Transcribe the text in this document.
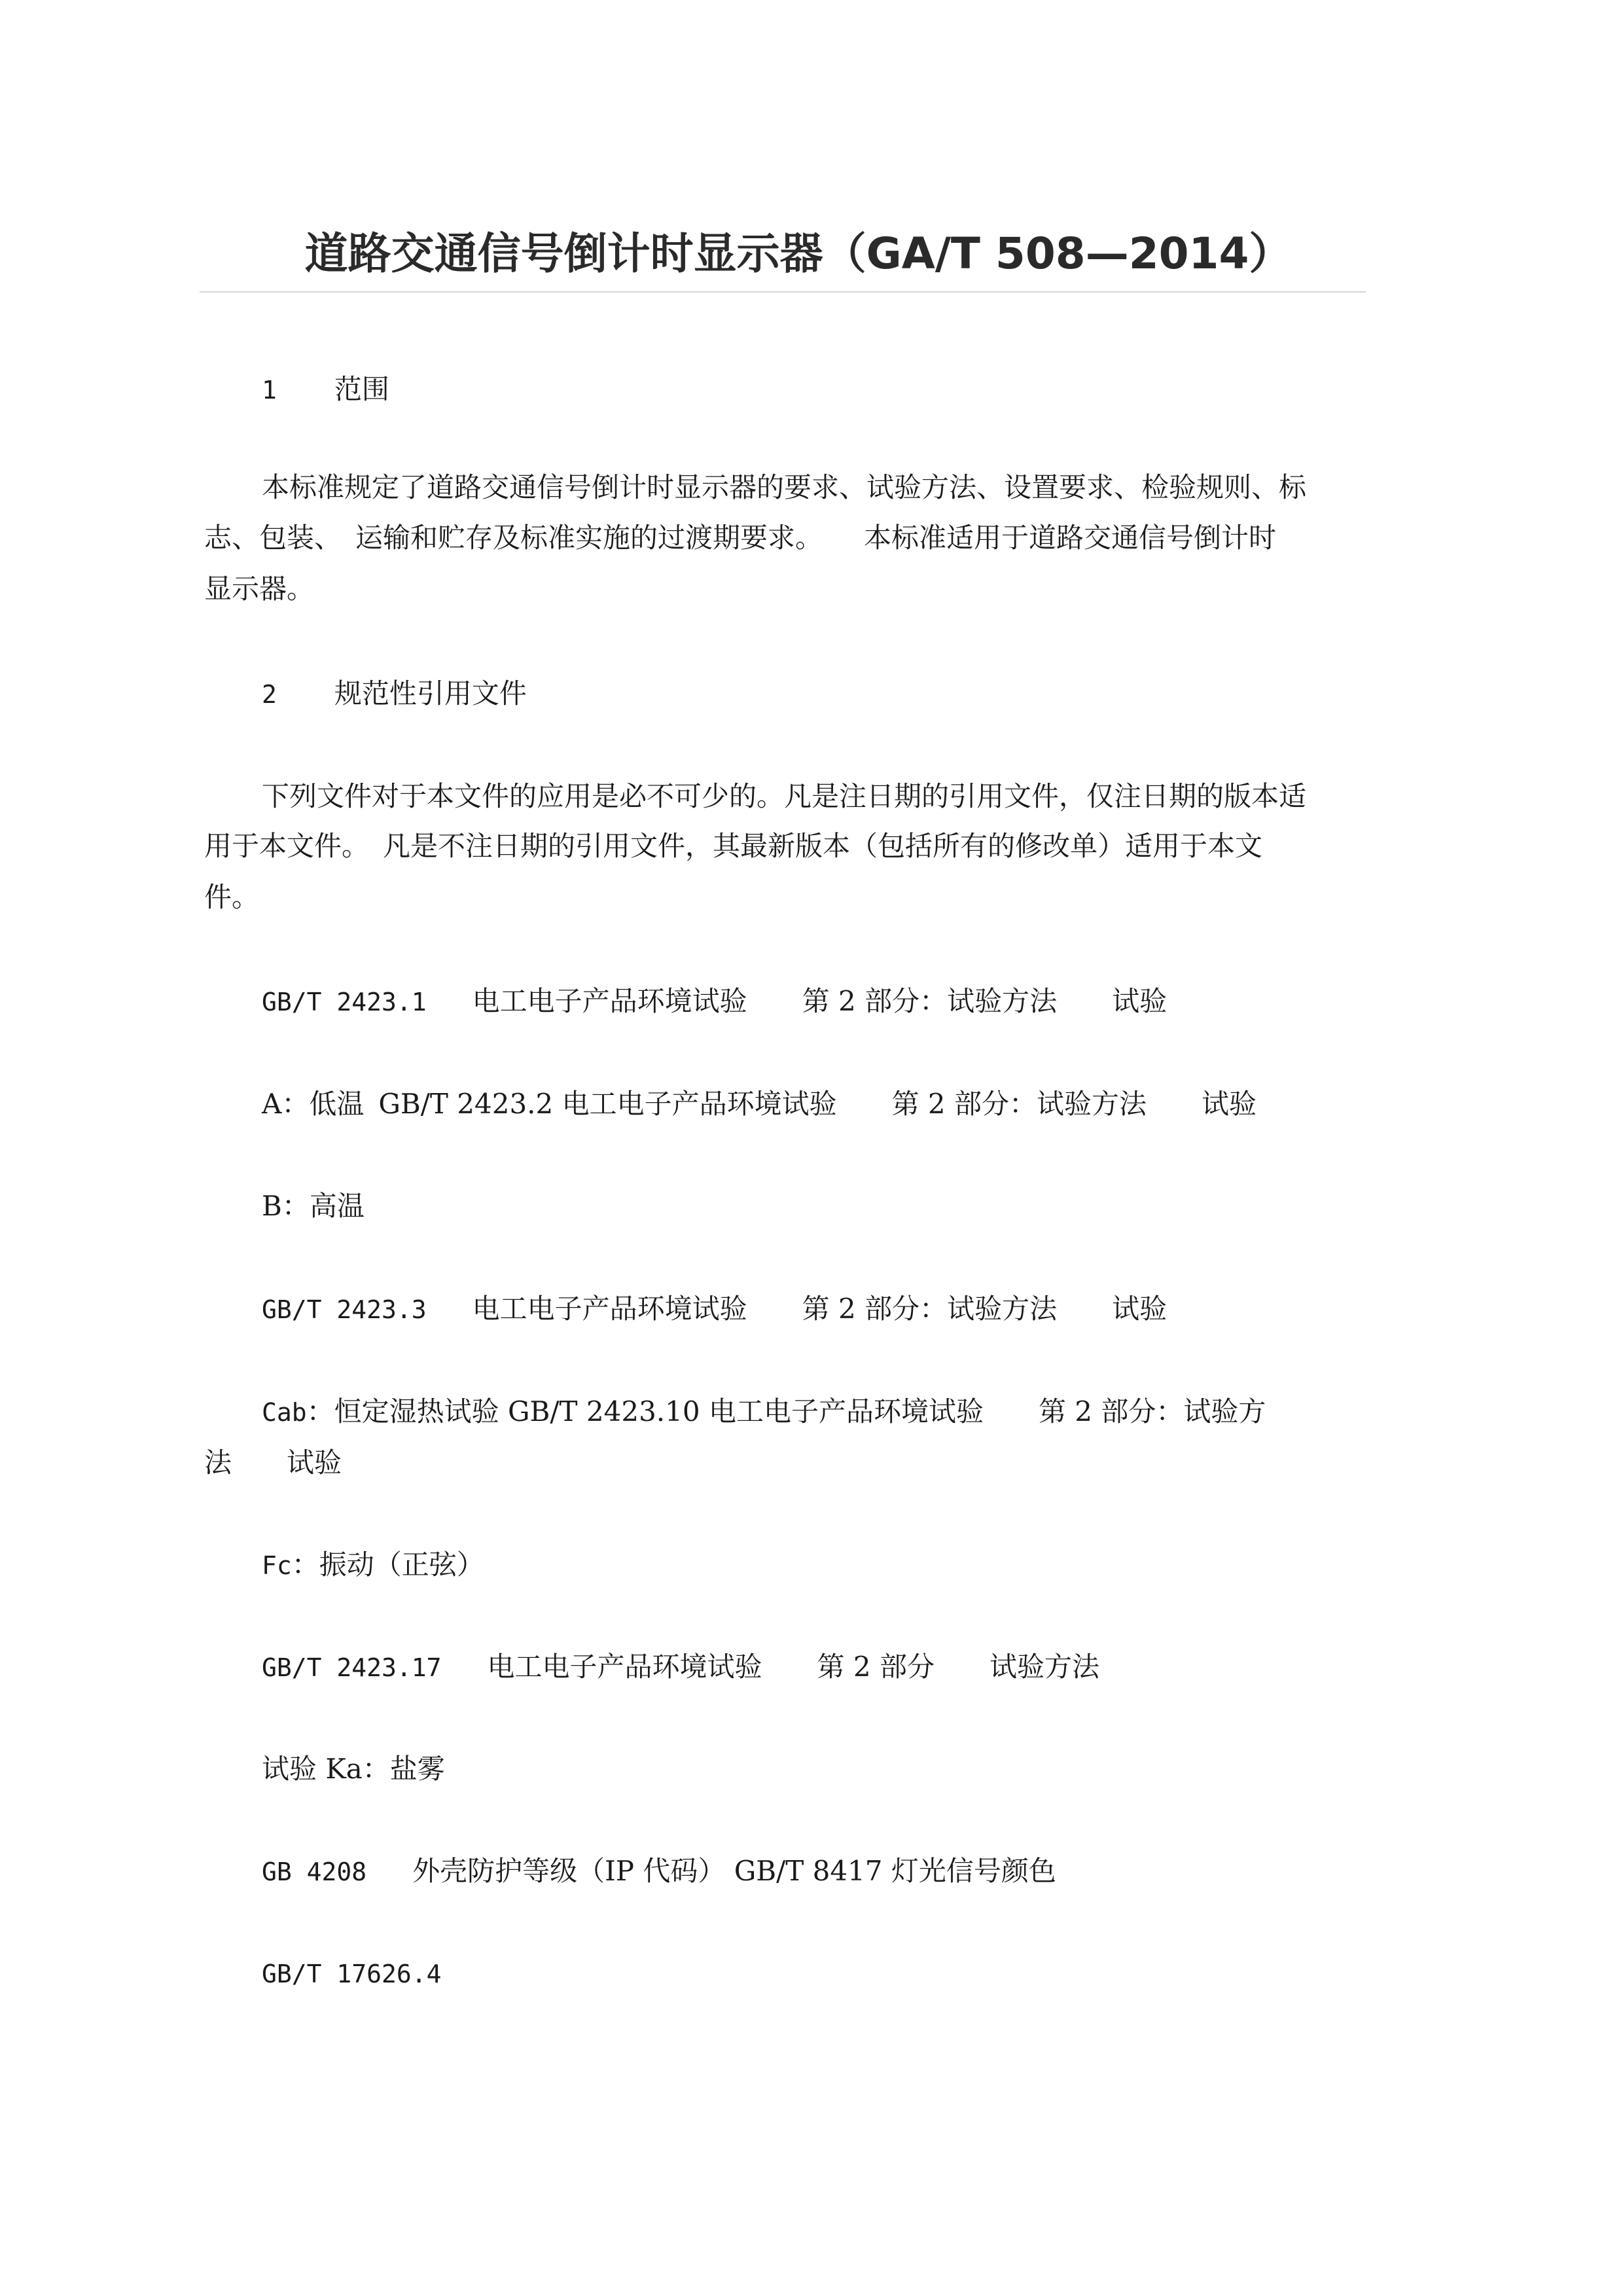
道路交通信号倒计时显示器（GA/T 508—2014）

1 范围

本标准规定了道路交通信号倒计时显示器的要求、试验方法、设置要求、检验规则、标

志、包装、　运输和贮存及标准实施的过渡期要求。　　本标准适用于道路交通信号倒计时

显示器。

2 规范性引用文件

下列文件对于本文件的应用是必不可少的。凡是注日期的引用文件，仅注日期的版本适

用于本文件。　凡是不注日期的引用文件，其最新版本（包括所有的修改单）适用于本文

件。

GB/T 2423.1 电工电子产品环境试验　　第 2 部分：试验方法　　试验

A：低温 GB/T 2423.2 电工电子产品环境试验　　第 2 部分：试验方法　　试验

B：高温

GB/T 2423.3 电工电子产品环境试验　　第 2 部分：试验方法　　试验

Cab：恒定湿热试验 GB/T 2423.10 电工电子产品环境试验　　第 2 部分：试验方

法　　试验

Fc：振动（正弦）

GB/T 2423.17 电工电子产品环境试验　　第 2 部分　　试验方法

试验 Ka：盐雾

GB 4208 外壳防护等级（IP 代码） GB/T 8417 灯光信号颜色

GB/T 17626.4
